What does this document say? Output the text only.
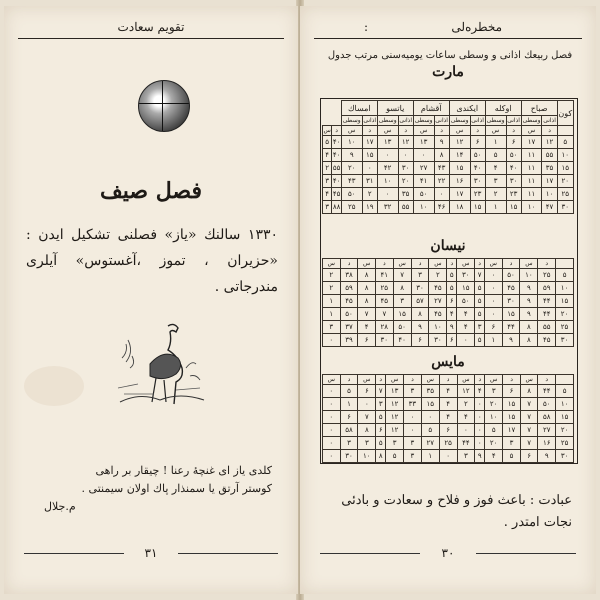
تقویم سعادت
فصل صیف
۱۳۳۰ سالنك «یاز» فصلنی تشكیل ایدن : «حزیران ، تموز ،آغستوس» آیلری مندرجاتی .
كلدی یاز ای غنچهٔ رعنا ! چیقار بر راهی
كوستر آرتق یا سمنذار پاك اولان سیمنتی .
م.جلال
۳۱
مخطره‌لی
:
فصل ربیعك اذانی و وسطی ساعات يومیه‌سنی مرتب جدول
مارت
كون	صباح		اوكله		ایكندی		آقشام		یاتسو		امساك			
	اذانی	وسطی	اذانی	وسطی	اذانی	وسطی	اذانی	وسطی	اذانی	وسطی	اذانی	وسطی		
	د	س	د	س	د	س	د	س	د	س	د	س	د	س
۵	۱۲	۱۷	۶	۱	۶	۱۲	۹	۱۳	۱۲	۱۳	۱۷	۱۰	۴۰	۵
۱۰	۵۵	۱۱	۵۰	۵	۵۰	۱۴	۸	۰	۰	۰	۱۵	۹	۴۰	۴
۱۵	۳۵	۱۱	۴۰	۴	۴۰	۱۵	۴۳	۲۷	۳۰	۴۲	۰	۲۰	۵۵	۲
۲۰	۱۷	۱۱	۳۰	۳	۳۰	۱۶	۲۲	۴۱	۲۰	۱۰	۳۱	۴۳	۴۰	۳
۲۵	۱۰	۱۱	۲۳	۲	۲۳	۱۷	۰	۵۰	۳۵	۰	۲	۵۰	۴۵	۴
۳۰	۴۷	۱۰	۱۵	۱	۱۵	۱۸	۴۶	۱۰	۵۵	۳۲	۱۹	۲۵	۸۸	۳
نیسان
	د	س	د	س	د	س	د	س	د	س	د	س	د	س
۵	۲۵	۱۰	۵۰	۰	۷	۳۰	۵	۲	۳	۷	۴۱	۸	۳۸	۲
۱۰	۵۹	۹	۴۵	۰	۵	۱۵	۵	۴۵	۳۰	۸	۲۵	۸	۵۹	۲
۱۵	۴۴	۹	۳۰	۰	۵	۵۰	۶	۲۷	۵۷	۳	۴۵	۸	۴۵	۱
۲۰	۴۴	۹	۱۵	۰	۵	۴	۴	۴۵	۸	۱۵	۷	۷	۵۰	۱
۲۵	۵۵	۸	۴۴	۶	۳	۴	۹	۱۰	۹	۵۰	۲۸	۴	۳۷	۳
۳۰	۴۵	۸	۹	۱	۵	۰	۶	۳۰	۶	۴۰	۳۰	۶	۳۹	۰
مایس
	د	س	د	س	د	س	د	س	د	س	د	س	د	س
۵	۴۴	۸	۶	۳	۴	۱۲	۴	۳۵	۳	۱۳	۷	۶	۵	۰
۱۰	۵۰	۷	۱۵	۲۰	۰	۲	۴	۱۵	۳۳	۱۲	۳	۰	۱	۰
۱۵	۵۸	۷	۱۵	۱۰	۰	۴	۴	۰	۰	۱۲	۵	۷	۶	۰
۲۰	۲۷	۷	۱۷	۵	۰	۰	۶	۵	۰	۱۲	۶	۸	۵۸	۰
۲۵	۱۶	۷	۳	۲۰	۰	۴۴	۲۵	۲۷	۳	۳	۵	۳	۳	۰
۳۰	۹	۶	۵	۴	۹	۳	۰	۱	۳	۵	۸	۱۰	۳۰	۰
عبادت : باعث فوز و فلاح و سعادت و بادئی نجات امتدر .
۳۰
